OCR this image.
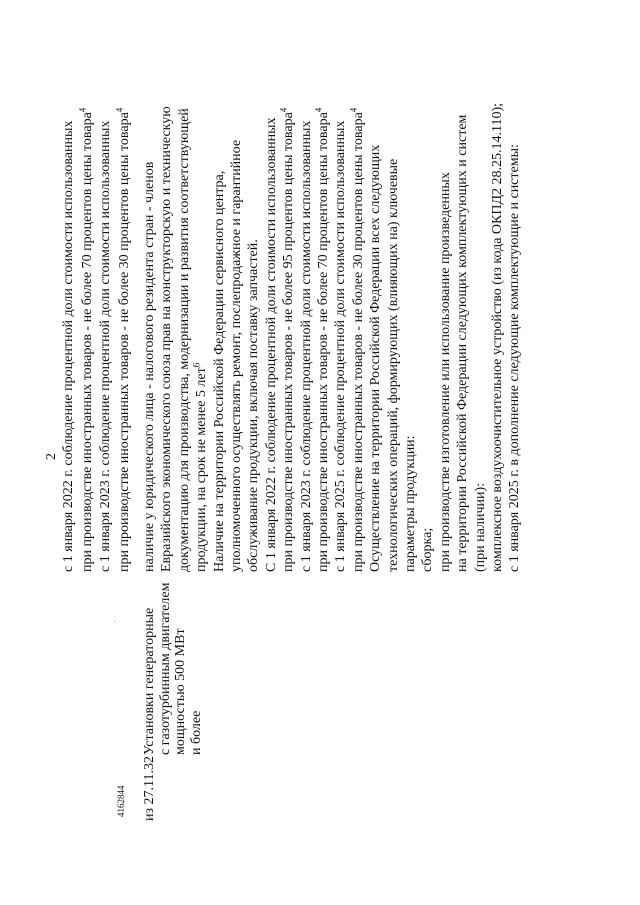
2
4162844
'
из 27.11.32
Установки генераторные с газотурбинным двигателем мощностью 500 МВт и более
с 1 января 2022 г. соблюдение процентной доли стоимости использованных при производстве иностранных товаров - не более 70 процентов цены товара$^4$
с 1 января 2023 г. соблюдение процентной доли стоимости использованных при производстве иностранных товаров - не более 30 процентов цены товара$^4$
наличие у юридического лица - налогового резидента стран - членов Евразийского экономического союза прав на конструкторскую и техническую документацию для производства, модернизации и развития соответствующей продукции, на срок не менее 5 лет$^6$ Наличие на территории Российской Федерации сервисного центра, уполномоченного осуществлять ремонт, послепродажное и гарантийное обслуживание продукции, включая поставку запчастей. С 1 января 2022 г. соблюдение процентной доли стоимости использованных при производстве иностранных товаров - не более 95 процентов цены товара$^4$
с 1 января 2023 г. соблюдение процентной доли стоимости использованных при производстве иностранных товаров - не более 70 процентов цены товара$^4$
с 1 января 2025 г. соблюдение процентной доли стоимости использованных при производстве иностранных товаров - не более 30 процентов цены товара$^4$
Осуществление на территории Российской Федерации всех следующих технологических операций, формирующих (влияющих на) ключевые параметры продукции: сборка; при производстве изготовление или использование произведенных на территории Российской Федерации следующих комплектующих и систем (при наличии): комплексное воздухоочистительное устройство (из кода ОКПД2 28.25.14.110); с 1 января 2025 г. в дополнение следующие комплектующие и системы:
